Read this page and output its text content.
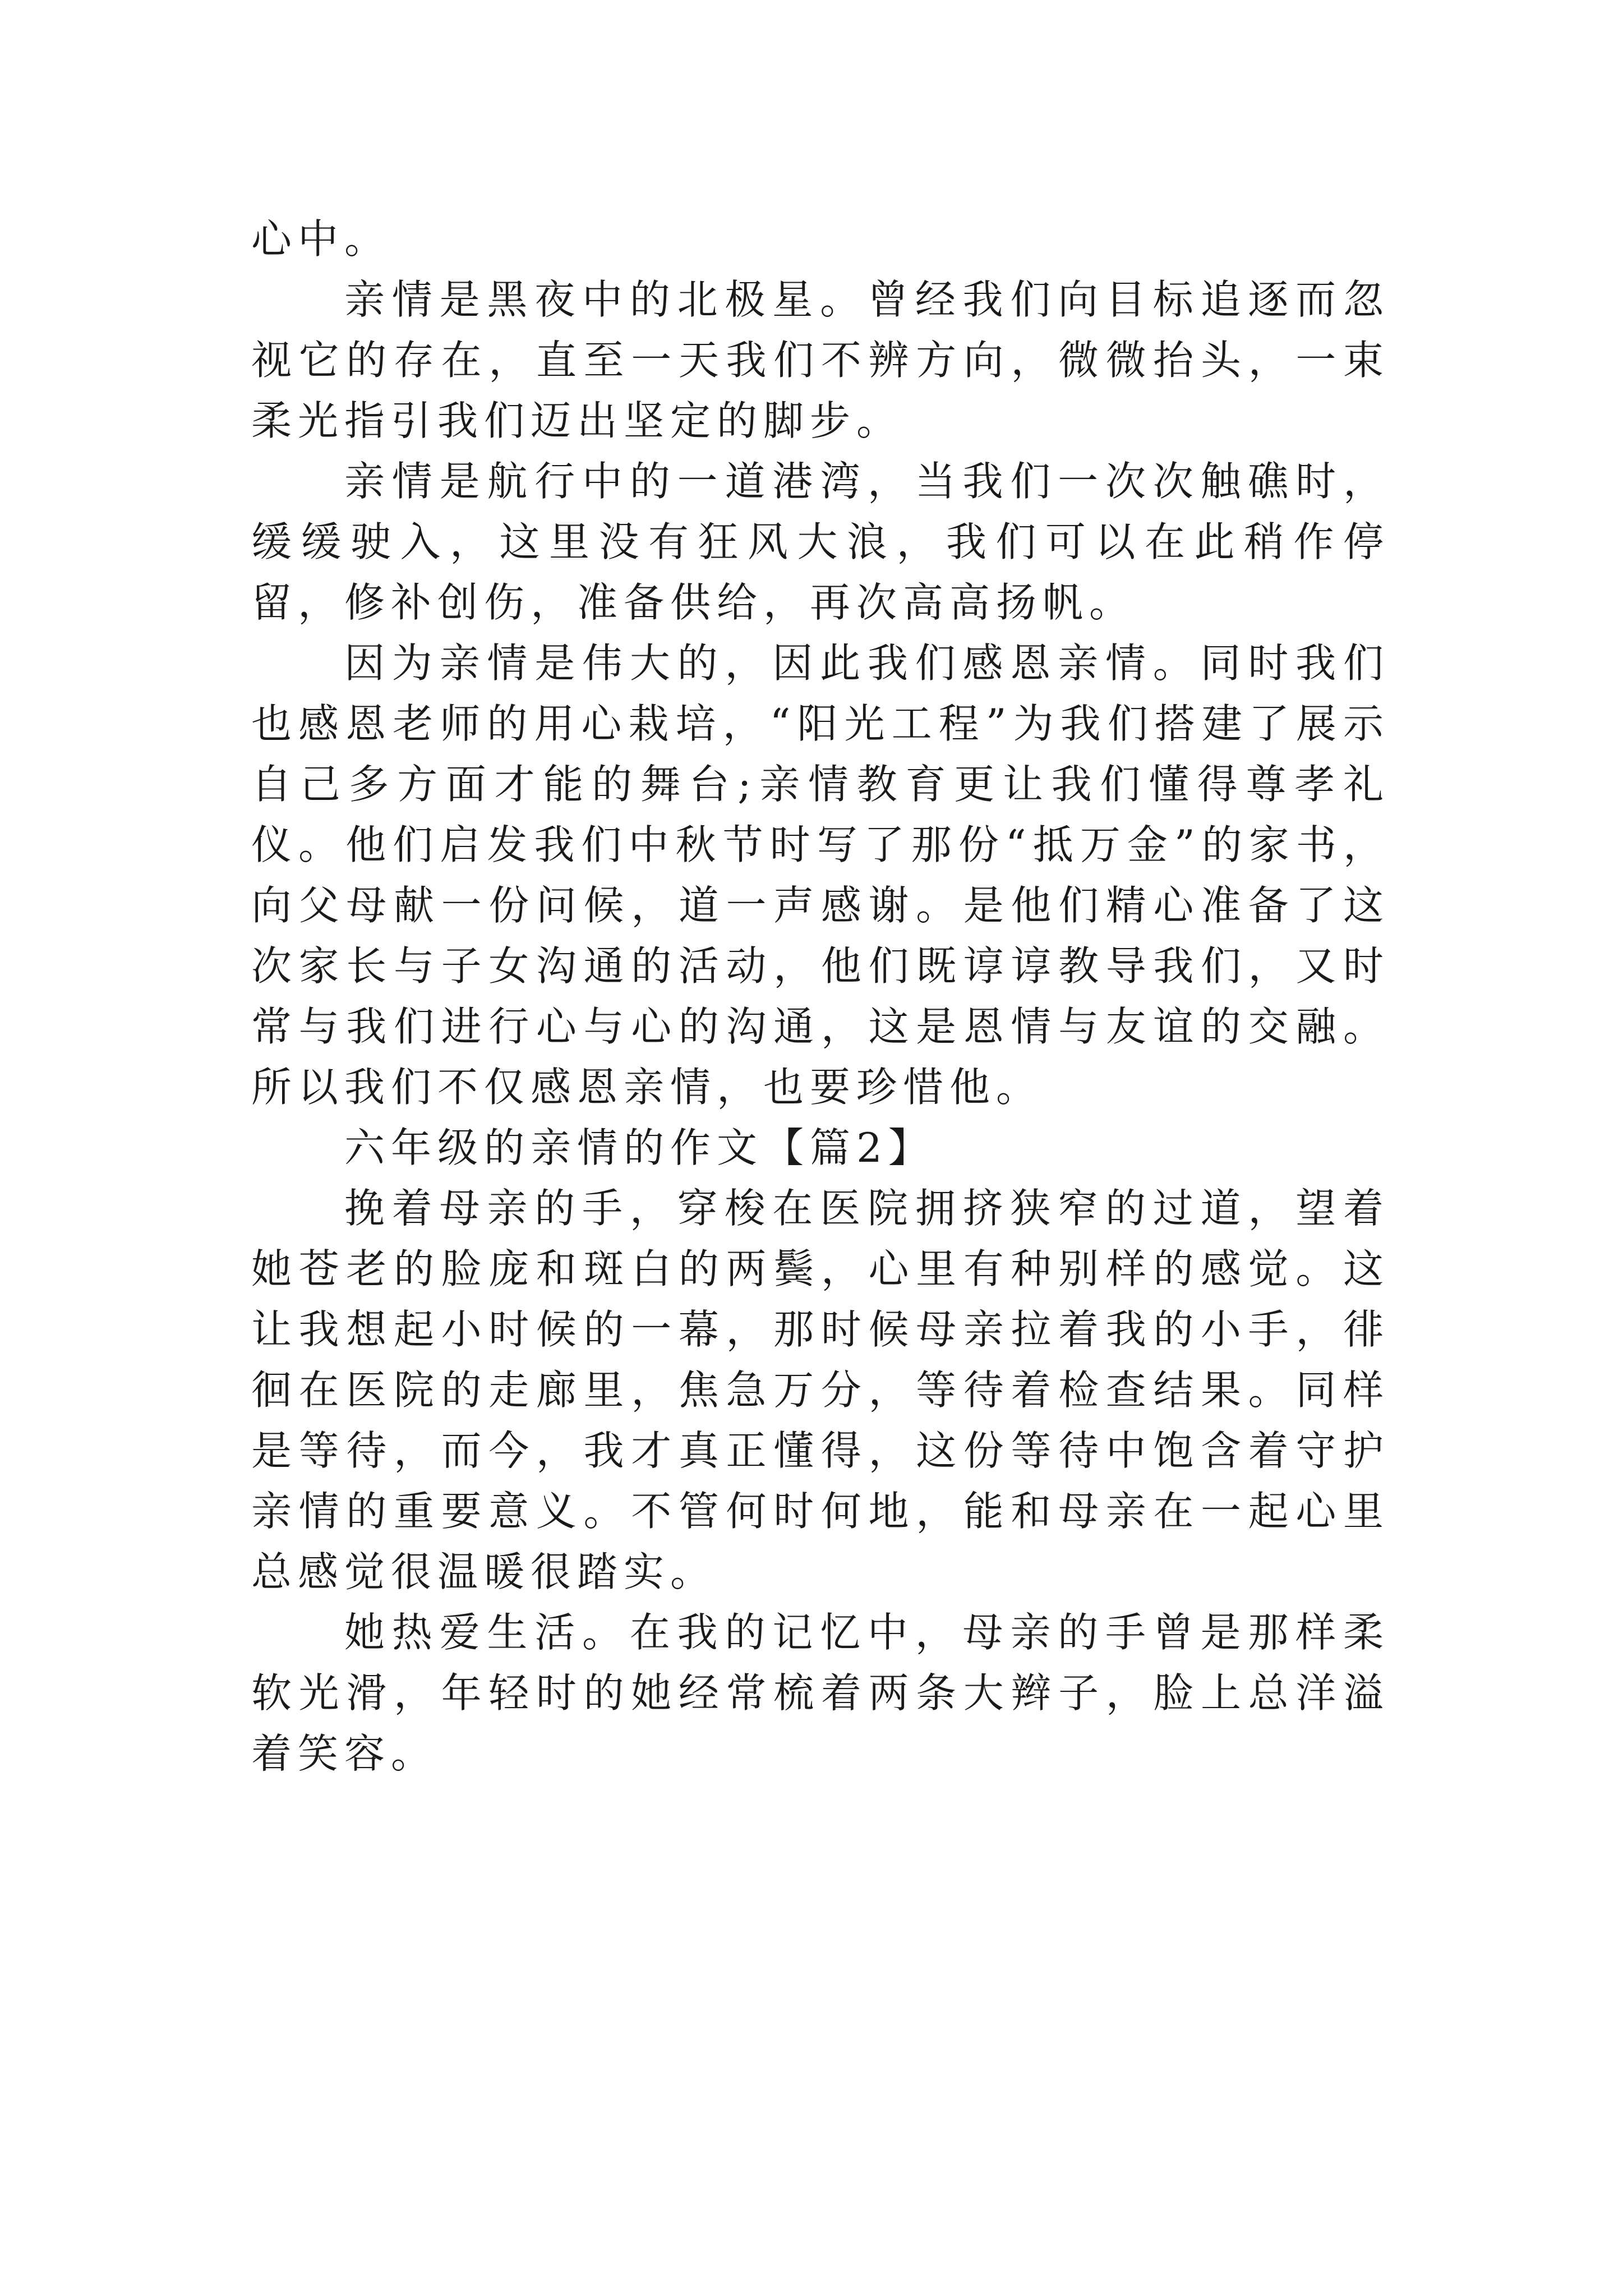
心中。

亲情是黑夜中的北极星。曾经我们向目标追逐而忽视它的存在，直至一天我们不辨方向，微微抬头，一束柔光指引我们迈出坚定的脚步。

亲情是航行中的一道港湾，当我们一次次触礁时，缓缓驶入，这里没有狂风大浪，我们可以在此稍作停留，修补创伤，准备供给，再次高高扬帆。

因为亲情是伟大的，因此我们感恩亲情。同时我们也感恩老师的用心栽培，“阳光工程”为我们搭建了展示自己多方面才能的舞台;亲情教育更让我们懂得尊孝礼仪。他们启发我们中秋节时写了那份“抵万金”的家书，向父母献一份问候，道一声感谢。是他们精心准备了这次家长与子女沟通的活动，他们既谆谆教导我们，又时常与我们进行心与心的沟通，这是恩情与友谊的交融。所以我们不仅感恩亲情，也要珍惜他。

六年级的亲情的作文【篇2】

挽着母亲的手，穿梭在医院拥挤狭窄的过道，望着她苍老的脸庞和斑白的两鬓，心里有种别样的感觉。这让我想起小时候的一幕，那时候母亲拉着我的小手，徘徊在医院的走廊里，焦急万分，等待着检查结果。同样是等待，而今，我才真正懂得，这份等待中饱含着守护亲情的重要意义。不管何时何地，能和母亲在一起心里总感觉很温暖很踏实。

她热爱生活。在我的记忆中，母亲的手曾是那样柔软光滑，年轻时的她经常梳着两条大辫子，脸上总洋溢着笑容。
